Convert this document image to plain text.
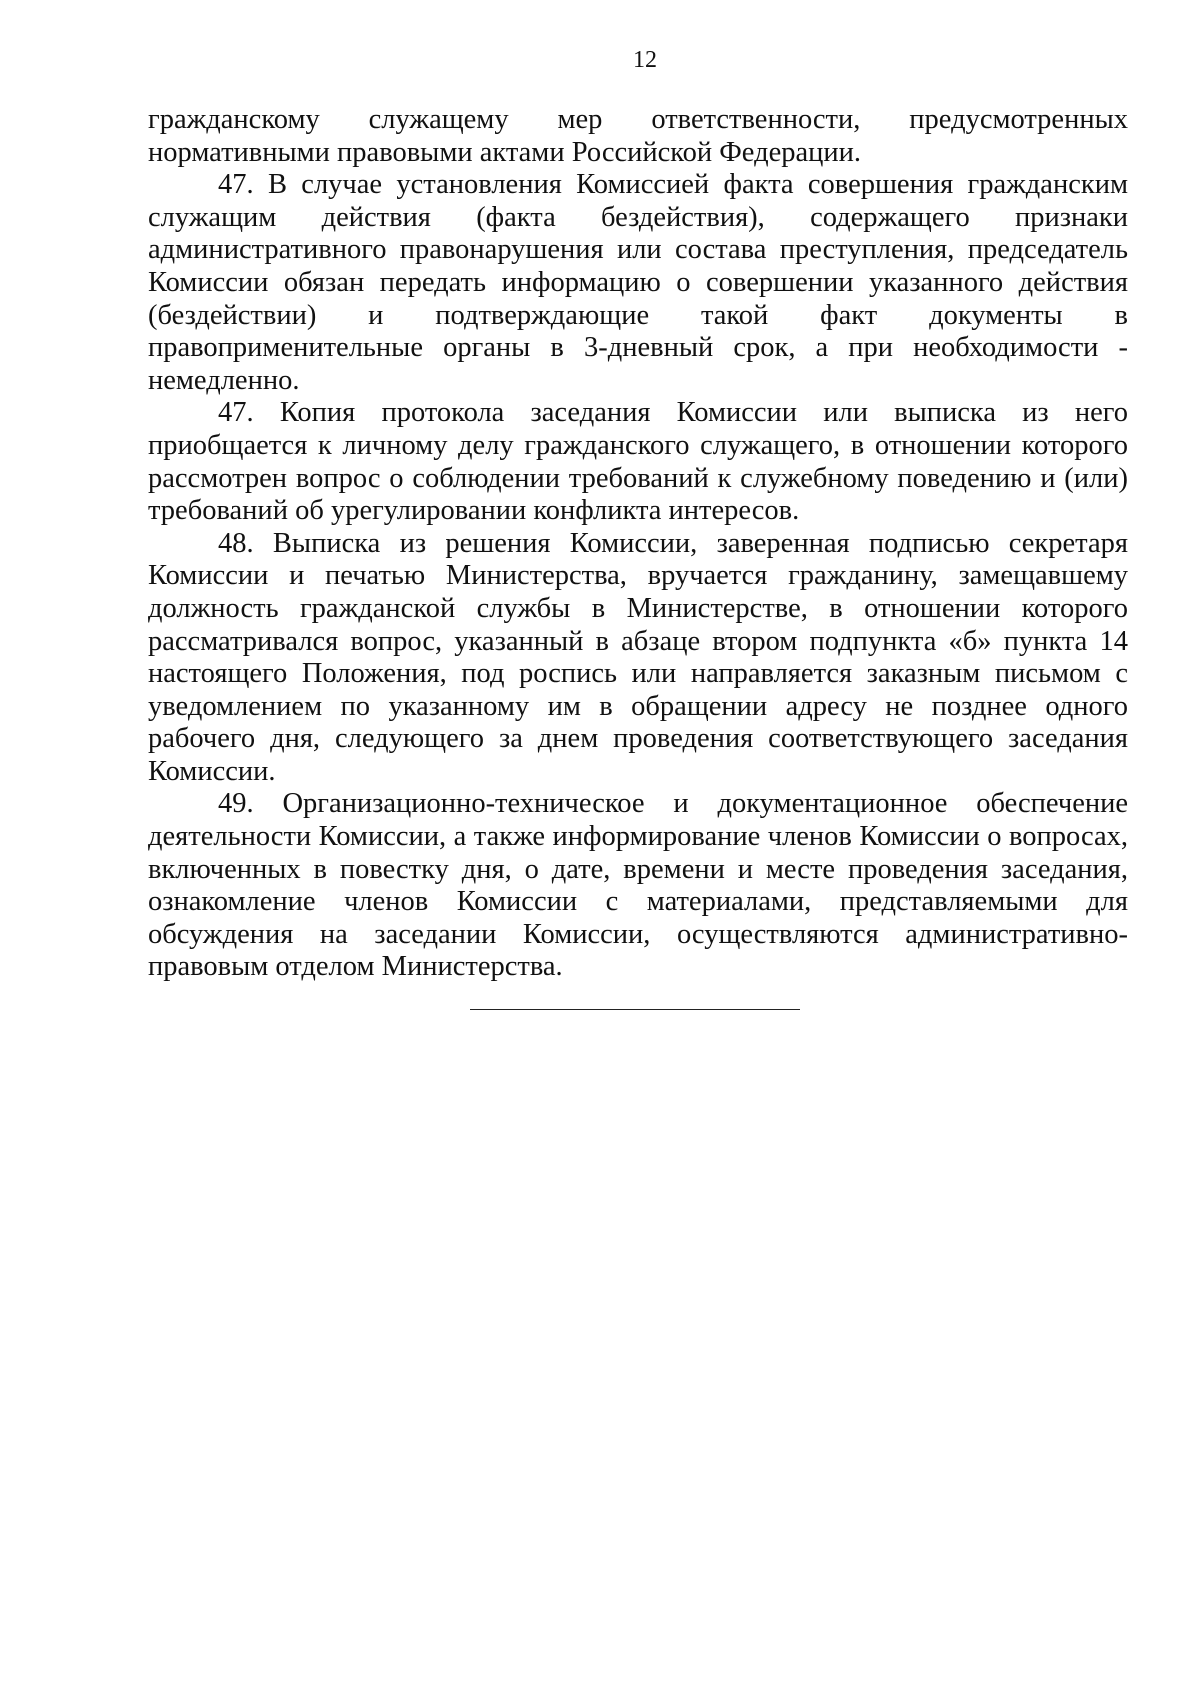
12

гражданскому служащему мер ответственности, предусмотренных нормативными правовыми актами Российской Федерации.

47. В случае установления Комиссией факта совершения гражданским служащим действия (факта бездействия), содержащего признаки административного правонарушения или состава преступления, председатель Комиссии обязан передать информацию о совершении указанного действия (бездействии) и подтверждающие такой факт документы в правоприменительные органы в 3-дневный срок, а при необходимости - немедленно.

47. Копия протокола заседания Комиссии или выписка из него приобщается к личному делу гражданского служащего, в отношении которого рассмотрен вопрос о соблюдении требований к служебному поведению и (или) требований об урегулировании конфликта интересов.

48. Выписка из решения Комиссии, заверенная подписью секретаря Комиссии и печатью Министерства, вручается гражданину, замещавшему должность гражданской службы в Министерстве, в отношении которого рассматривался вопрос, указанный в абзаце втором подпункта «б» пункта 14 настоящего Положения, под роспись или направляется заказным письмом с уведомлением по указанному им в обращении адресу не позднее одного рабочего дня, следующего за днем проведения соответствующего заседания Комиссии.

49. Организационно-техническое и документационное обеспечение деятельности Комиссии, а также информирование членов Комиссии о вопросах, включенных в повестку дня, о дате, времени и месте проведения заседания, ознакомление членов Комиссии с материалами, представляемыми для обсуждения на заседании Комиссии, осуществляются административно-правовым отделом Министерства.
